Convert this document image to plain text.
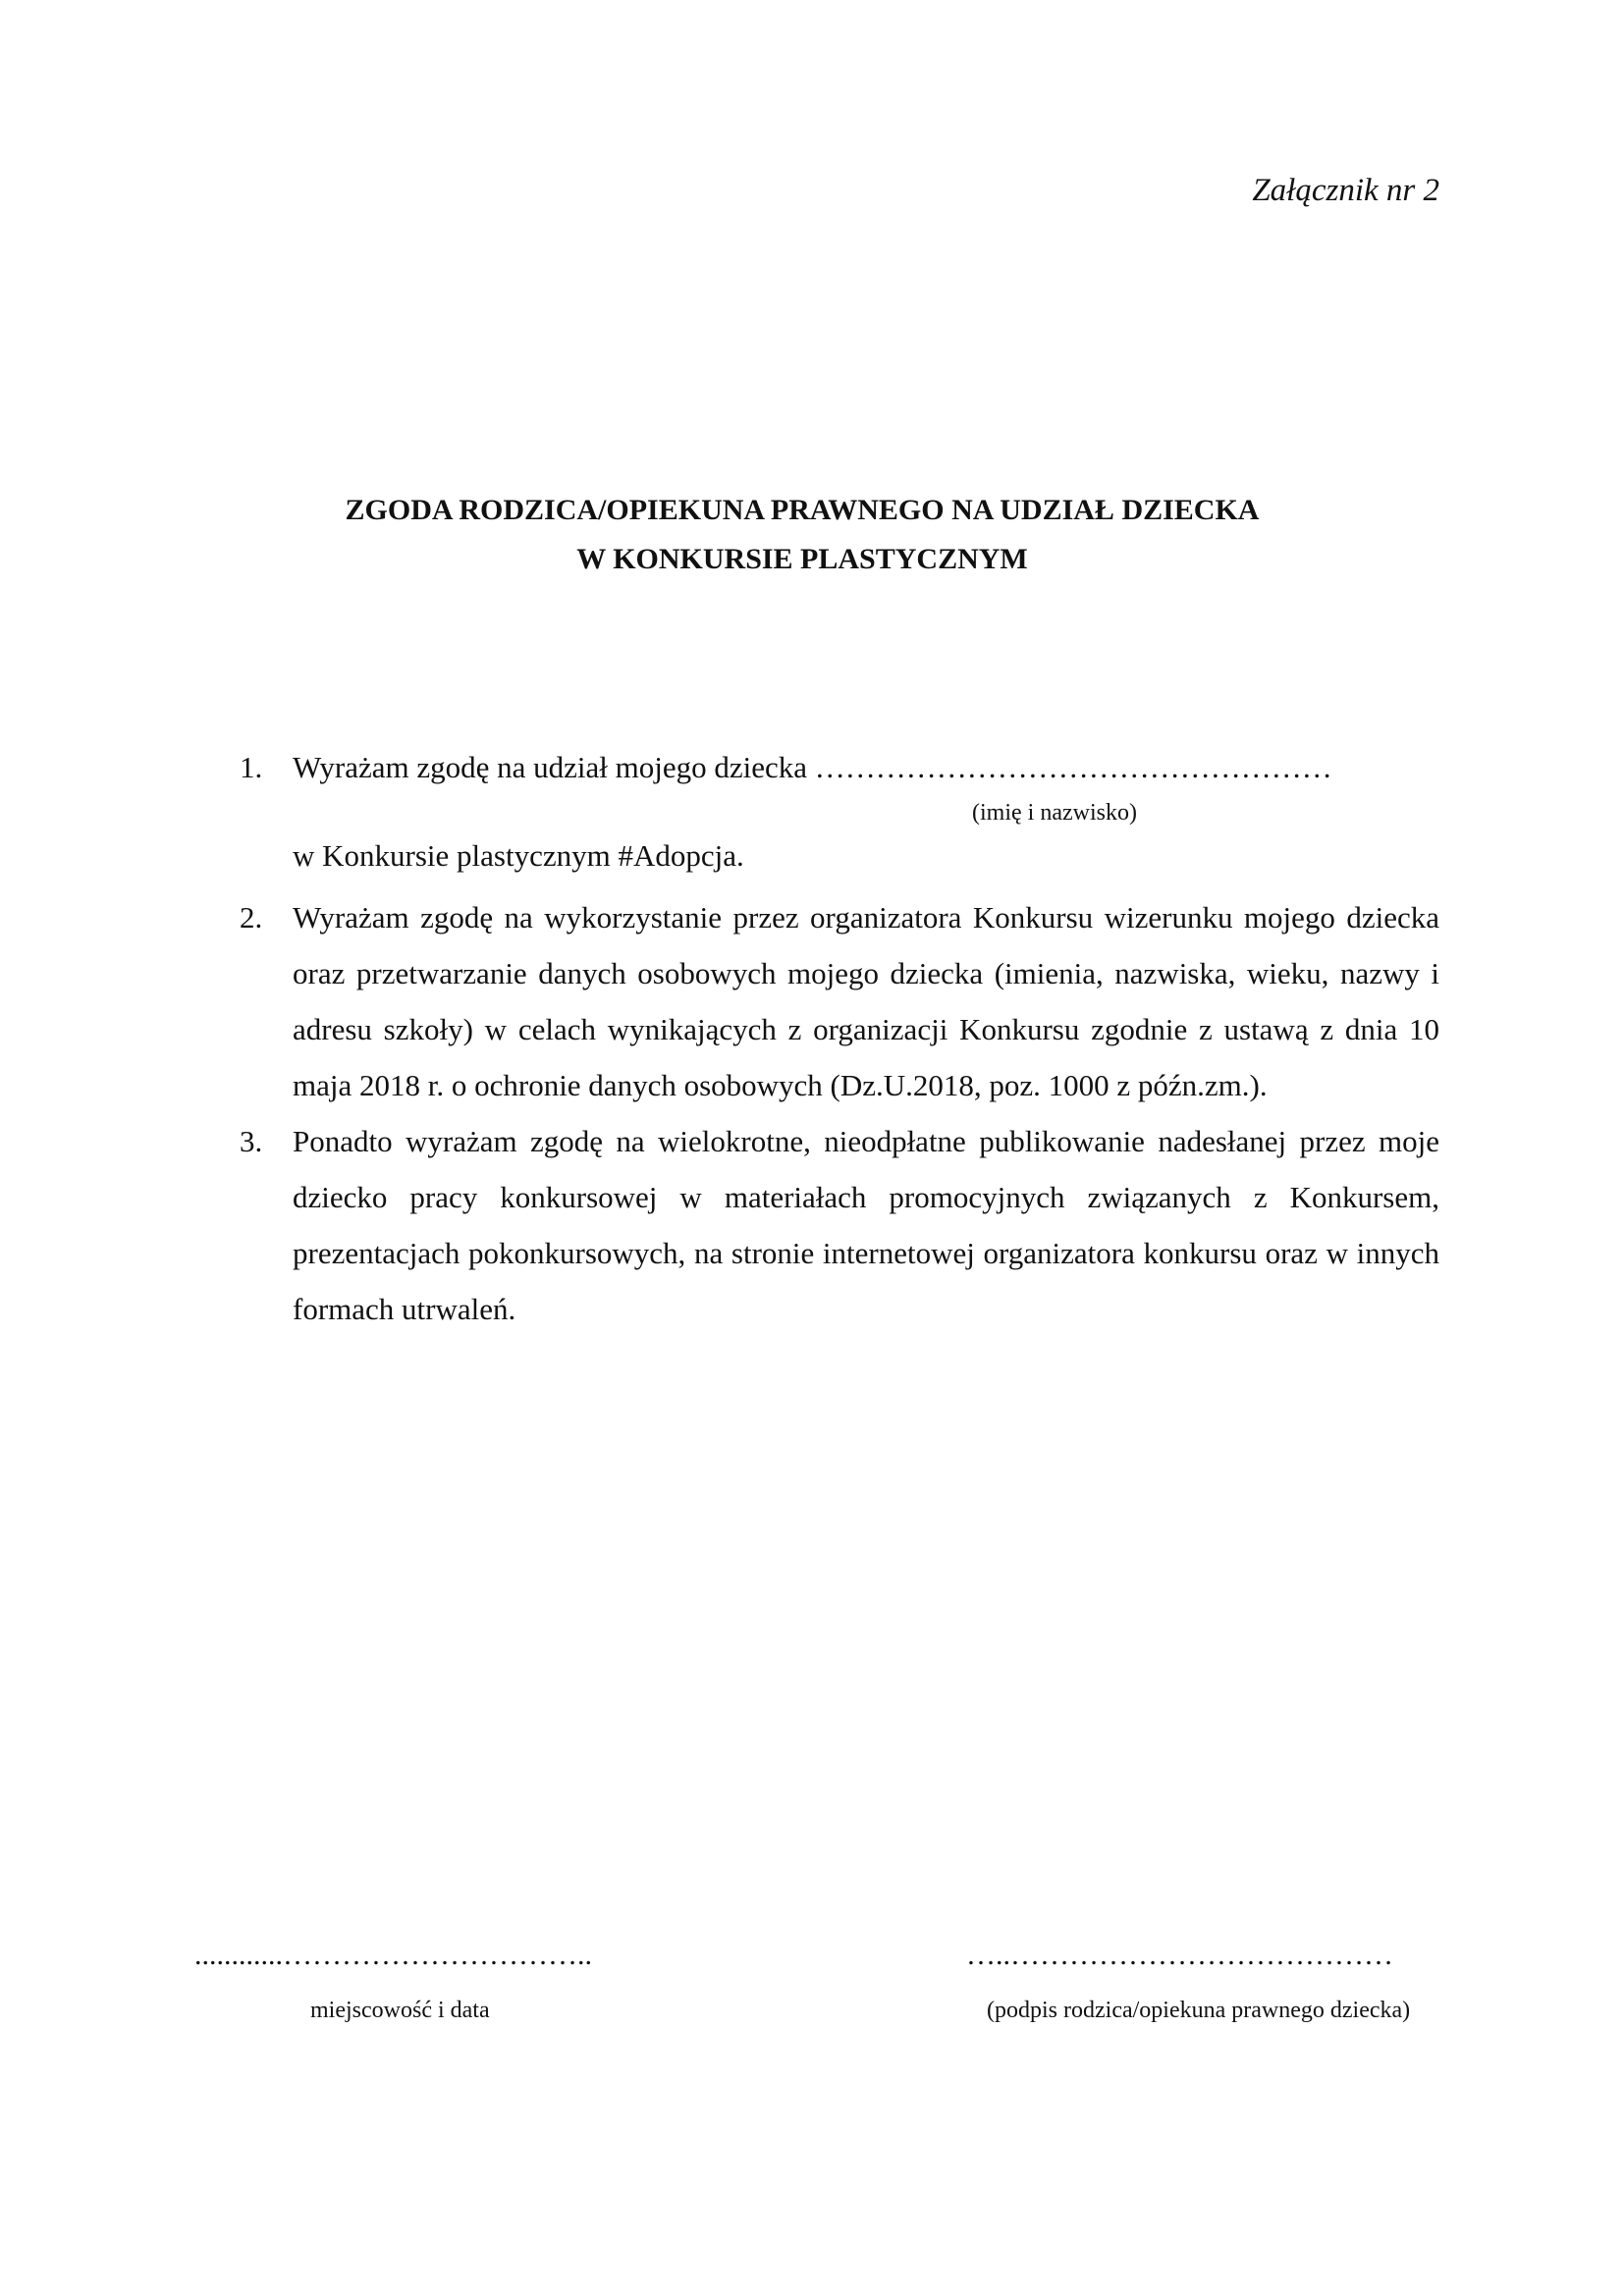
Załącznik nr 2
ZGODA RODZICA/OPIEKUNA PRAWNEGO NA UDZIAŁ DZIECKA
W KONKURSIE PLASTYCZNYM
1. Wyrażam zgodę na udział mojego dziecka ……………………………………………
(imię i nazwisko)
w Konkursie plastycznym #Adopcja.
2. Wyrażam zgodę na wykorzystanie przez organizatora Konkursu wizerunku mojego dziecka oraz przetwarzanie danych osobowych mojego dziecka (imienia, nazwiska, wieku, nazwy i adresu szkoły) w celach wynikających z organizacji Konkursu zgodnie z ustawą z dnia 10 maja 2018 r. o ochronie danych osobowych (Dz.U.2018, poz. 1000 z późn.zm.).

3. Ponadto wyrażam zgodę na wielokrotne, nieodpłatne publikowanie nadesłanej przez moje dziecko pracy konkursowej w materiałach promocyjnych związanych z Konkursem, prezentacjach pokonkursowych, na stronie internetowej organizatora konkursu oraz w innych formach utrwaleń.

............…………………………..	…..…………………………………
miejscowość i data	(podpis rodzica/opiekuna prawnego dziecka)
